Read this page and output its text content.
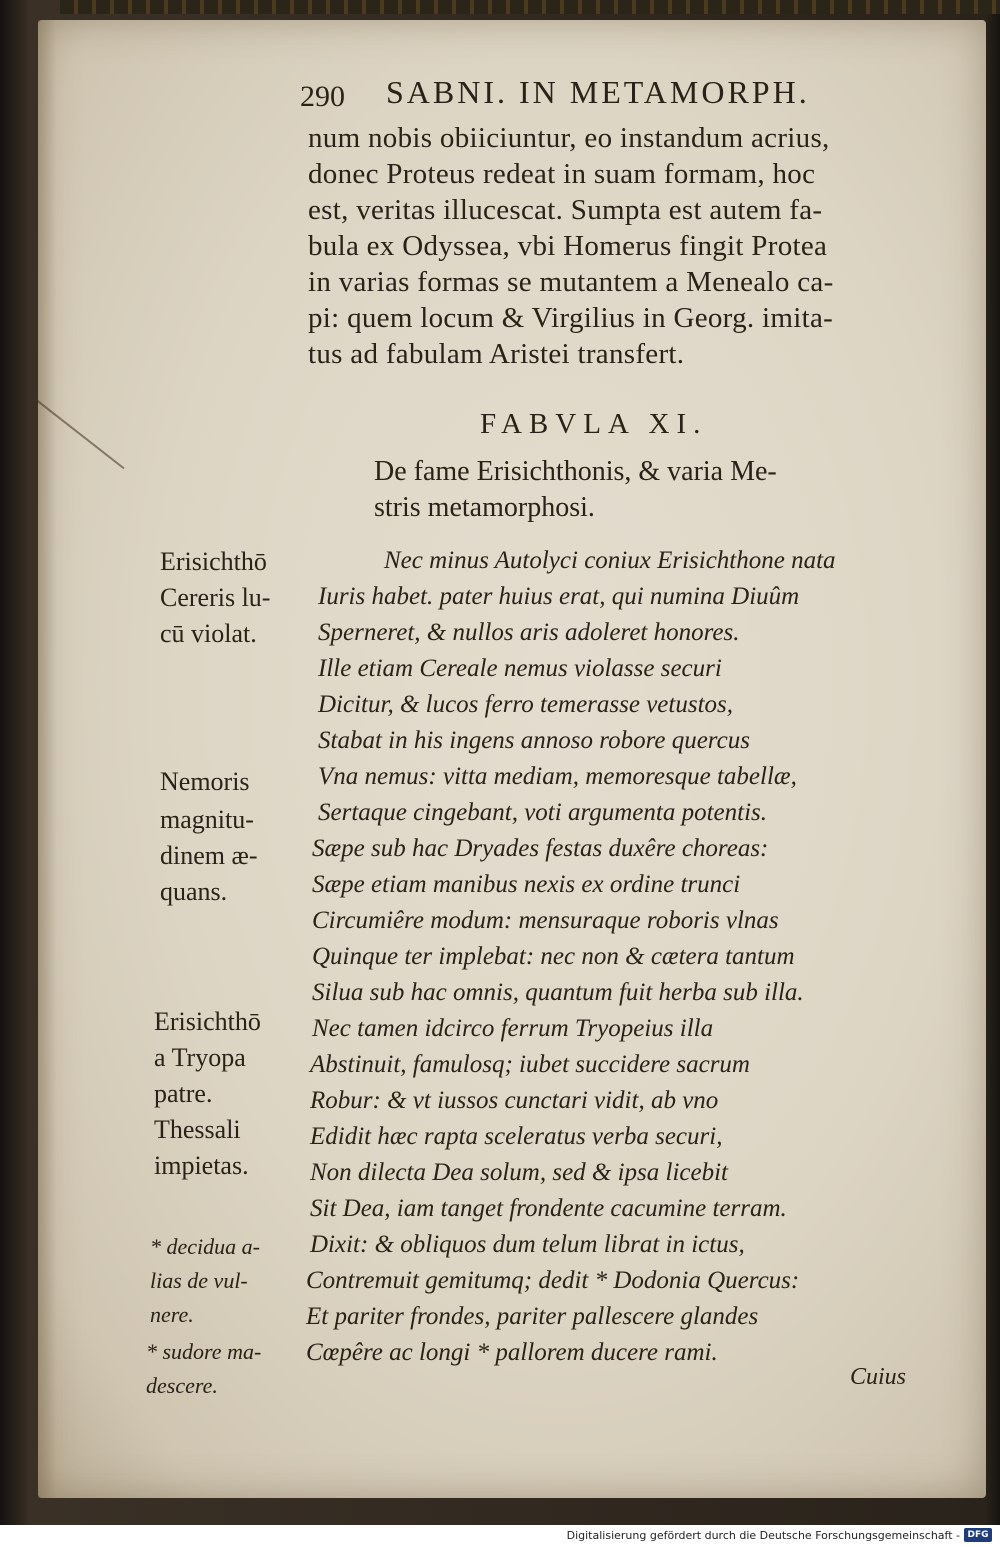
290 SABNI. IN METAMORPH.
num nobis obiiciuntur, eo instandum acrius,
donec Proteus redeat in suam formam, hoc
est, veritas illucescat. Sumpta est autem fa-
bula ex Odyssea, vbi Homerus fingit Protea
in varias formas se mutantem a Menealo ca-
pi: quem locum & Virgilius in Georg. imita-
tus ad fabulam Aristei transfert.
FABVLA XI.
De fame Erisichthonis, & varia Me-
stris metamorphosi.
Nec minus Autolyci coniux Erisichthone nata
Iuris habet. pater huius erat, qui numina Diuûm
Sperneret, & nullos aris adoleret honores.
Ille etiam Cereale nemus violasse securi
Dicitur, & lucos ferro temerasse vetustos,
Stabat in his ingens annoso robore quercus
Vna nemus: vitta mediam, memoresque tabellæ,
Sertaque cingebant, voti argumenta potentis.
Sæpe sub hac Dryades festas duxêre choreas:
Sæpe etiam manibus nexis ex ordine trunci
Circumiêre modum: mensuraque roboris vlnas
Quinque ter implebat: nec non & cætera tantum
Silua sub hac omnis, quantum fuit herba sub illa.
Nec tamen idcirco ferrum Tryopeius illa
Abstinuit, famulosq; iubet succidere sacrum
Robur: & vt iussos cunctari vidit, ab vno
Edidit hæc rapta sceleratus verba securi,
Non dilecta Dea solum, sed & ipsa licebit
Sit Dea, iam tanget frondente cacumine terram.
Dixit: & obliquos dum telum librat in ictus,
Contremuit gemitumq; dedit * Dodonia Quercus:
Et pariter frondes, pariter pallescere glandes
Cœpêre ac longi * pallorem ducere rami.
Erisichthō
Cereris lu-
cū violat.
Nemoris
magnitu-
dinem æ-
quans.
Erisichthō
a Tryopa
patre.
Thessali
impietas.
* decidua a-
lias de vul-
nere.
* sudore ma-
descere.	Cuius
Digitalisierung gefördert durch die Deutsche Forschungsgemeinschaft - DFG
